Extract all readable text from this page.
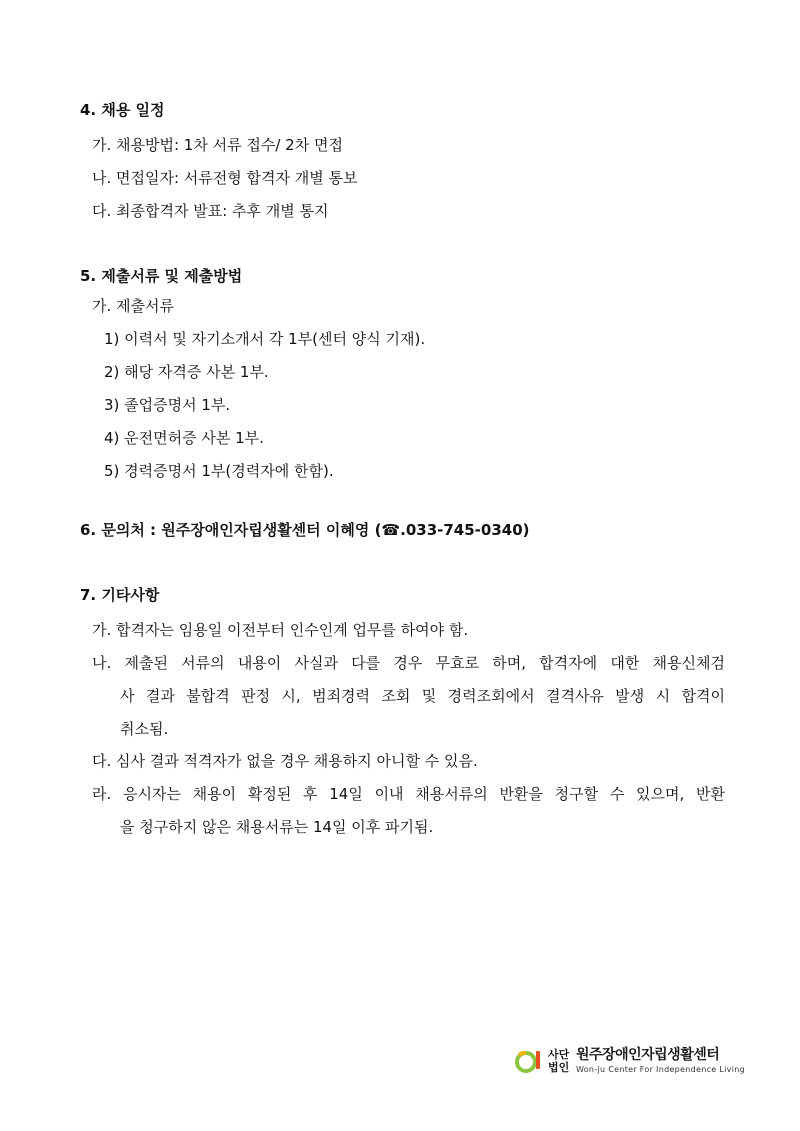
4. 채용 일정
가. 채용방법: 1차 서류 접수/ 2차 면접
나. 면접일자: 서류전형 합격자 개별 통보
다. 최종합격자 발표: 추후 개별 통지
5. 제출서류 및 제출방법
가. 제출서류
1) 이력서 및 자기소개서 각 1부(센터 양식 기재).
2) 해당 자격증 사본 1부.
3) 졸업증명서 1부.
4) 운전면허증 사본 1부.
5) 경력증명서 1부(경력자에 한함).
6. 문의처 : 원주장애인자립생활센터 이혜영 (☎.033-745-0340)
7. 기타사항
가. 합격자는 임용일 이전부터 인수인계 업무를 하여야 함.
나. 제출된 서류의 내용이 사실과 다를 경우 무효로 하며, 합격자에 대한 채용신체검
사 결과 불합격 판정 시, 범죄경력 조회 및 경력조회에서 결격사유 발생 시 합격이
취소됨.
다. 심사 결과 적격자가 없을 경우 채용하지 아니할 수 있음.
라. 응시자는 채용이 확정된 후 14일 이내 채용서류의 반환을 청구할 수 있으며, 반환
을 청구하지 않은 채용서류는 14일 이후 파기됨.
사단법인
원주장애인자립생활센터
Won-ju Center For Independence Living
